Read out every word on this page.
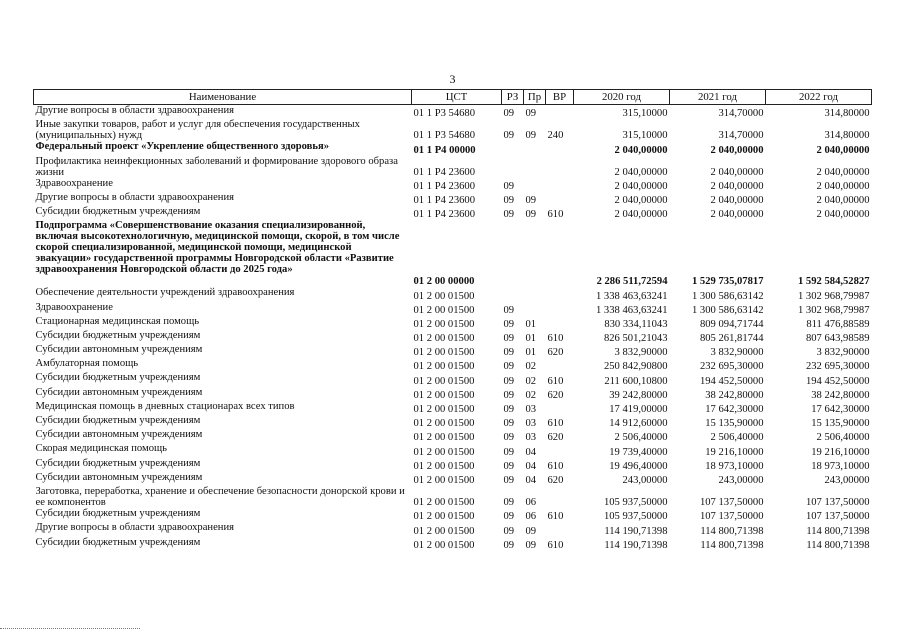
3
Наименование	ЦСТ	РЗ	Пр	ВР	2020 год	2021 год	2022 год
Другие вопросы в области здравоохранения	01 1 Р3 54680	09	09		315,10000	314,70000	314,80000
Иные закупки товаров, работ и услуг для обеспечения государственных (муниципальных) нужд	01 1 Р3 54680	09	09	240	315,10000	314,70000	314,80000
Федеральный проект «Укрепление общественного здоровья»	01 1 Р4 00000				2 040,00000	2 040,00000	2 040,00000
Профилактика неинфекционных заболеваний и формирование здорового образа жизни	01 1 Р4 23600				2 040,00000	2 040,00000	2 040,00000
Здравоохранение	01 1 Р4 23600	09			2 040,00000	2 040,00000	2 040,00000
Другие вопросы в области здравоохранения	01 1 Р4 23600	09	09		2 040,00000	2 040,00000	2 040,00000
Субсидии бюджетным учреждениям	01 1 Р4 23600	09	09	610	2 040,00000	2 040,00000	2 040,00000
Подпрограмма «Совершенствование оказания специализированной, включая высокотехнологичную, медицинской помощи, скорой, в том числе скорой специализированной, медицинской помощи, медицинской эвакуации» государственной программы Новгородской области «Развитие здравоохранения Новгородской области до 2025 года»	01 2 00 00000				2 286 511,72594	1 529 735,07817	1 592 584,52827
Обеспечение деятельности учреждений здравоохранения	01 2 00 01500				1 338 463,63241	1 300 586,63142	1 302 968,79987
Здравоохранение	01 2 00 01500	09			1 338 463,63241	1 300 586,63142	1 302 968,79987
Стационарная медицинская помощь	01 2 00 01500	09	01		830 334,11043	809 094,71744	811 476,88589
Субсидии бюджетным учреждениям	01 2 00 01500	09	01	610	826 501,21043	805 261,81744	807 643,98589
Субсидии автономным учреждениям	01 2 00 01500	09	01	620	3 832,90000	3 832,90000	3 832,90000
Амбулаторная помощь	01 2 00 01500	09	02		250 842,90800	232 695,30000	232 695,30000
Субсидии бюджетным учреждениям	01 2 00 01500	09	02	610	211 600,10800	194 452,50000	194 452,50000
Субсидии автономным учреждениям	01 2 00 01500	09	02	620	39 242,80000	38 242,80000	38 242,80000
Медицинская помощь в дневных стационарах всех типов	01 2 00 01500	09	03		17 419,00000	17 642,30000	17 642,30000
Субсидии бюджетным учреждениям	01 2 00 01500	09	03	610	14 912,60000	15 135,90000	15 135,90000
Субсидии автономным учреждениям	01 2 00 01500	09	03	620	2 506,40000	2 506,40000	2 506,40000
Скорая медицинская помощь	01 2 00 01500	09	04		19 739,40000	19 216,10000	19 216,10000
Субсидии бюджетным учреждениям	01 2 00 01500	09	04	610	19 496,40000	18 973,10000	18 973,10000
Субсидии автономным учреждениям	01 2 00 01500	09	04	620	243,00000	243,00000	243,00000
Заготовка, переработка, хранение и обеспечение безопасности донорской крови и ее компонентов	01 2 00 01500	09	06		105 937,50000	107 137,50000	107 137,50000
Субсидии бюджетным учреждениям	01 2 00 01500	09	06	610	105 937,50000	107 137,50000	107 137,50000
Другие вопросы в области здравоохранения	01 2 00 01500	09	09		114 190,71398	114 800,71398	114 800,71398
Субсидии бюджетным учреждениям	01 2 00 01500	09	09	610	114 190,71398	114 800,71398	114 800,71398
